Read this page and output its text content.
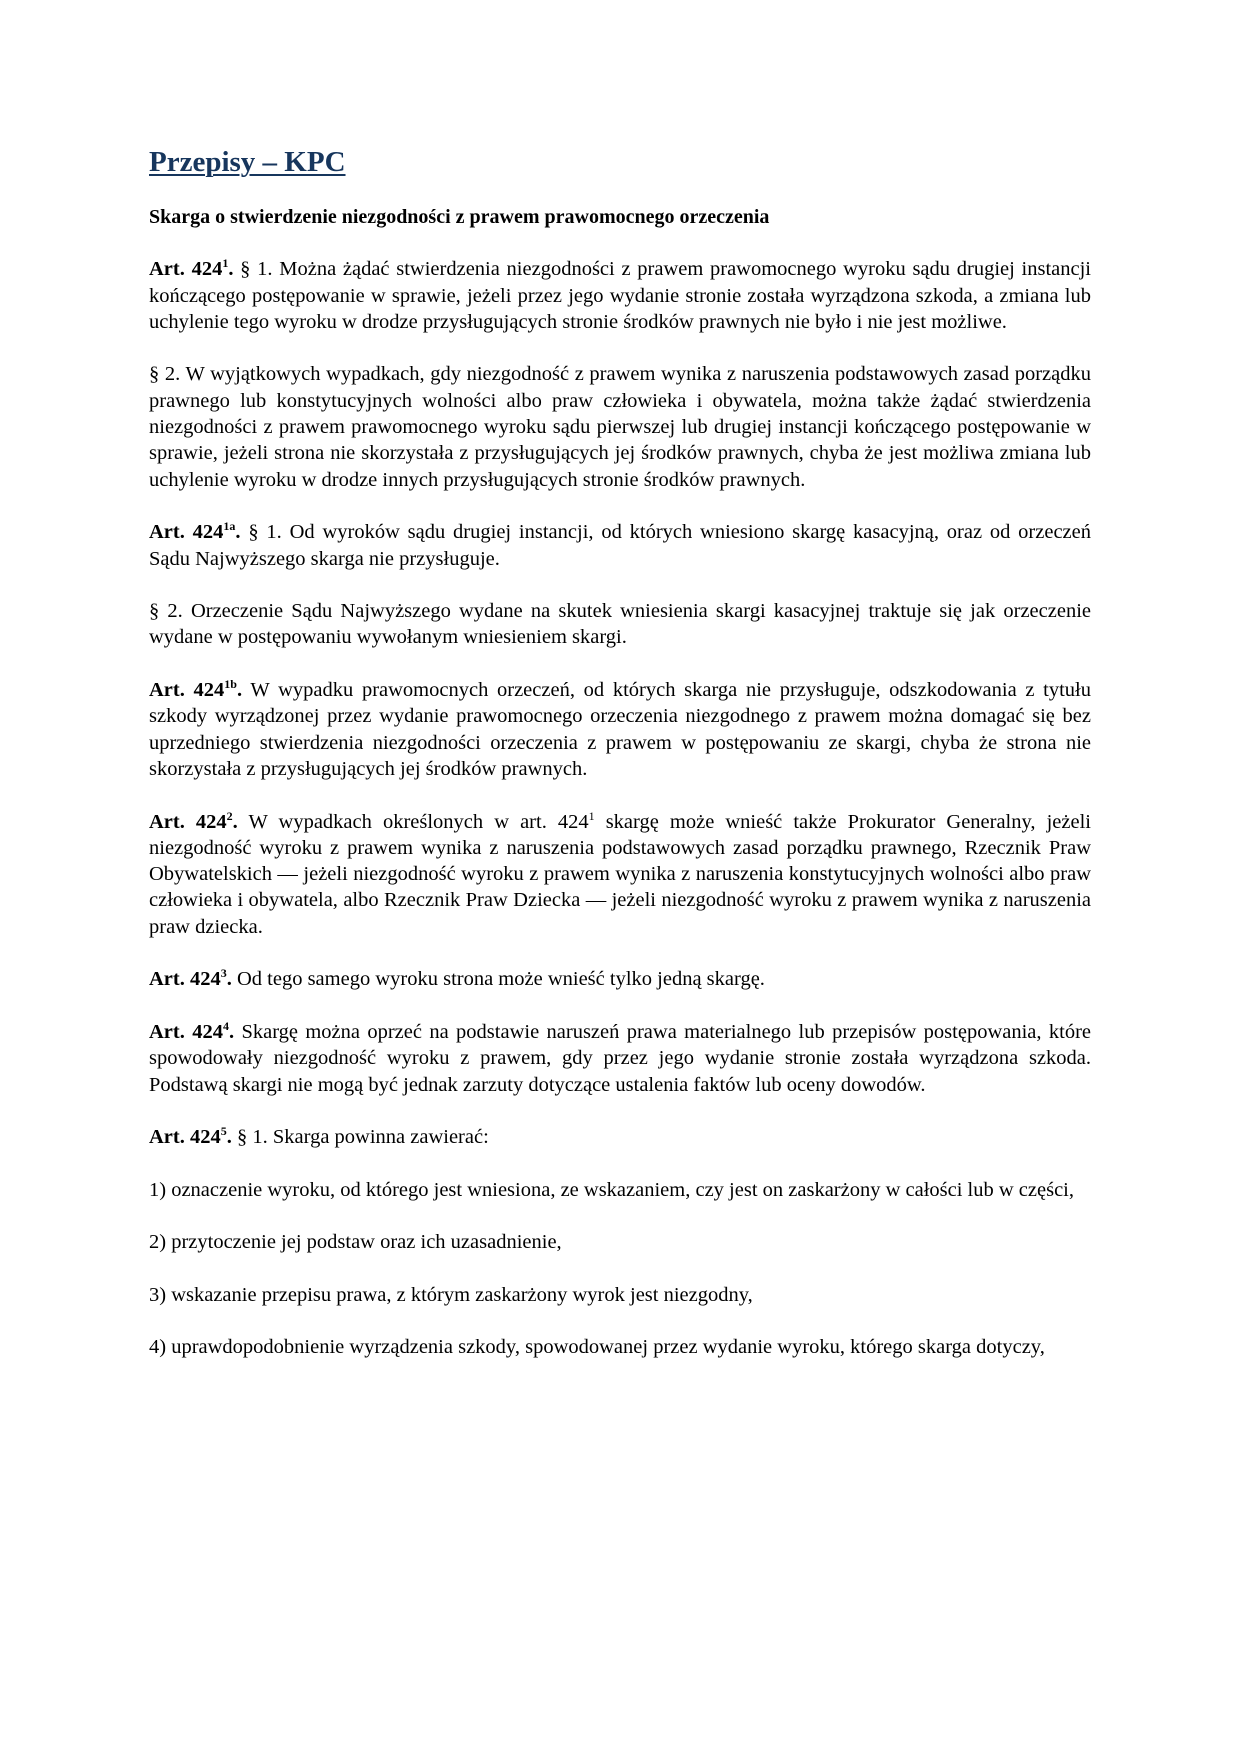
Przepisy – KPC
Skarga o stwierdzenie niezgodności z prawem prawomocnego orzeczenia

Art. $424^1$. § 1. Można żądać stwierdzenia niezgodności z prawem prawomocnego wyroku sądu drugiej instancji kończącego postępowanie w sprawie, jeżeli przez jego wydanie stronie została wyrządzona szkoda, a zmiana lub uchylenie tego wyroku w drodze przysługujących stronie środków prawnych nie było i nie jest możliwe.

§ 2. W wyjątkowych wypadkach, gdy niezgodność z prawem wynika z naruszenia podstawowych zasad porządku prawnego lub konstytucyjnych wolności albo praw człowieka i obywatela, można także żądać stwierdzenia niezgodności z prawem prawomocnego wyroku sądu pierwszej lub drugiej instancji kończącego postępowanie w sprawie, jeżeli strona nie skorzystała z przysługujących jej środków prawnych, chyba że jest możliwa zmiana lub uchylenie wyroku w drodze innych przysługujących stronie środków prawnych.

Art. $424^{1a}$. § 1. Od wyroków sądu drugiej instancji, od których wniesiono skargę kasacyjną, oraz od orzeczeń Sądu Najwyższego skarga nie przysługuje.

§ 2. Orzeczenie Sądu Najwyższego wydane na skutek wniesienia skargi kasacyjnej traktuje się jak orzeczenie wydane w postępowaniu wywołanym wniesieniem skargi.

Art. $424^{1b}$. W wypadku prawomocnych orzeczeń, od których skarga nie przysługuje, odszkodowania z tytułu szkody wyrządzonej przez wydanie prawomocnego orzeczenia niezgodnego z prawem można domagać się bez uprzedniego stwierdzenia niezgodności orzeczenia z prawem w postępowaniu ze skargi, chyba że strona nie skorzystała z przysługujących jej środków prawnych.

Art. $424^2$. W wypadkach określonych w art. $424^1$ skargę może wnieść także Prokurator Generalny, jeżeli niezgodność wyroku z prawem wynika z naruszenia podstawowych zasad porządku prawnego, Rzecznik Praw Obywatelskich — jeżeli niezgodność wyroku z prawem wynika z naruszenia konstytucyjnych wolności albo praw człowieka i obywatela, albo Rzecznik Praw Dziecka — jeżeli niezgodność wyroku z prawem wynika z naruszenia praw dziecka.

Art. $424^3$. Od tego samego wyroku strona może wnieść tylko jedną skargę.

Art. $424^4$. Skargę można oprzeć na podstawie naruszeń prawa materialnego lub przepisów postępowania, które spowodowały niezgodność wyroku z prawem, gdy przez jego wydanie stronie została wyrządzona szkoda. Podstawą skargi nie mogą być jednak zarzuty dotyczące ustalenia faktów lub oceny dowodów.

Art. $424^5$. § 1. Skarga powinna zawierać:

1) oznaczenie wyroku, od którego jest wniesiona, ze wskazaniem, czy jest on zaskarżony w całości lub w części,

2) przytoczenie jej podstaw oraz ich uzasadnienie,

3) wskazanie przepisu prawa, z którym zaskarżony wyrok jest niezgodny,

4) uprawdopodobnienie wyrządzenia szkody, spowodowanej przez wydanie wyroku, którego skarga dotyczy,
